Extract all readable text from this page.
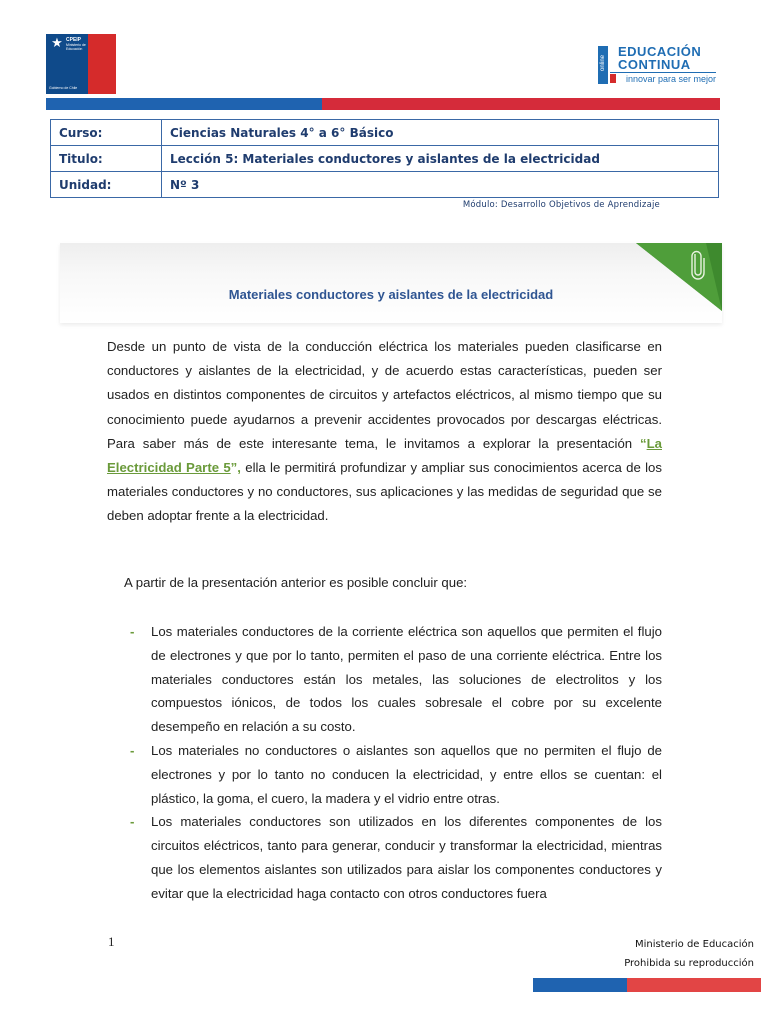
★ CPEIP
Ministerio de Educación
Gobierno de Chile
online
EDUCACIÓN
CONTINUA
innovar para ser mejor
Curso:	Ciencias Naturales 4° a 6° Básico
Titulo:	Lección 5: Materiales conductores y aislantes de la electricidad
Unidad:	Nº 3
Módulo: Desarrollo Objetivos de Aprendizaje
Materiales conductores y aislantes de la electricidad

Desde un punto de vista de la conducción eléctrica los materiales pueden clasificarse en conductores y aislantes de la electricidad, y de acuerdo estas características, pueden ser usados en distintos componentes de circuitos y artefactos eléctricos, al mismo tiempo que su conocimiento puede ayudarnos a prevenir accidentes provocados por descargas eléctricas. Para saber más de este interesante tema, le invitamos a explorar la presentación “La Electricidad Parte 5”, ella le permitirá profundizar y ampliar sus conocimientos acerca de los materiales conductores y no conductores, sus aplicaciones y las medidas de seguridad que se deben adoptar frente a la electricidad.

A partir de la presentación anterior es posible concluir que:
- Los materiales conductores de la corriente eléctrica son aquellos que permiten el flujo de electrones y que por lo tanto, permiten el paso de una corriente eléctrica. Entre los materiales conductores están los metales, las soluciones de electrolitos y los compuestos iónicos, de todos los cuales sobresale el cobre por su excelente desempeño en relación a su costo.
- Los materiales no conductores o aislantes son aquellos que no permiten el flujo de electrones y por lo tanto no conducen la electricidad, y entre ellos se cuentan: el plástico, la goma, el cuero, la madera y el vidrio entre otras.
- Los materiales conductores son utilizados en los diferentes componentes de los circuitos eléctricos, tanto para generar, conducir y transformar la electricidad, mientras que los elementos aislantes son utilizados para aislar los componentes conductores y evitar que la electricidad haga contacto con otros conductores fuera
1	Ministerio de Educación
Prohibida su reproducción
